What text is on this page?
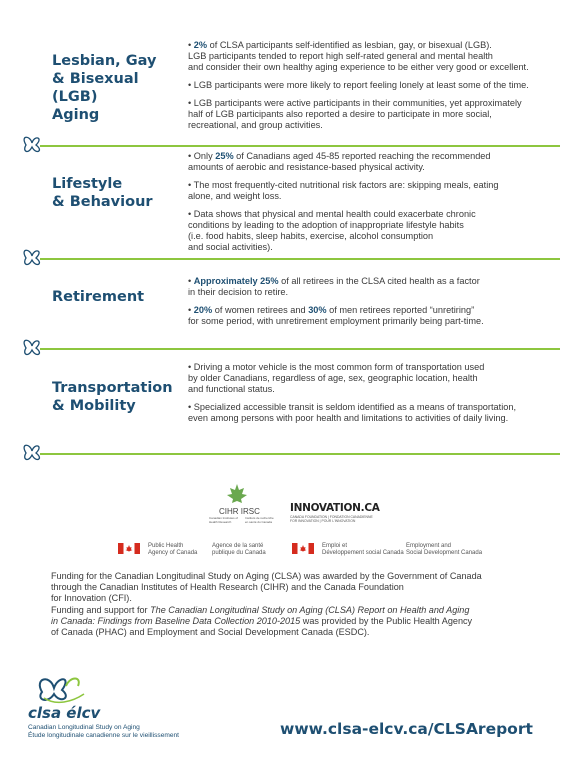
Lesbian, Gay
& Bisexual (LGB)
Aging

• 2% of CLSA participants self-identified as lesbian, gay, or bisexual (LGB).
LGB participants tended to report high self-rated general and mental health
and consider their own healthy aging experience to be either very good or excellent.

• LGB participants were more likely to report feeling lonely at least some of the time.

• LGB participants were active participants in their communities, yet approximately
half of LGB participants also reported a desire to participate in more social,
recreational, and group activities.

Lifestyle
& Behaviour

• Only 25% of Canadians aged 45-85 reported reaching the recommended
amounts of aerobic and resistance-based physical activity.

• The most frequently-cited nutritional risk factors are: skipping meals, eating
alone, and weight loss.

• Data shows that physical and mental health could exacerbate chronic
conditions by leading to the adoption of inappropriate lifestyle habits
(i.e. food habits, sleep habits, exercise, alcohol consumption
and social activities).

Retirement

• Approximately 25% of all retirees in the CLSA cited health as a factor
in their decision to retire.

• 20% of women retirees and 30% of men retirees reported “unretiring”
for some period, with unretirement employment primarily being part-time.

Transportation
& Mobility

• Driving a motor vehicle is the most common form of transportation used
by older Canadians, regardless of age, sex, geographic location, health
and functional status.

• Specialized accessible transit is seldom identified as a means of transportation,
even among persons with poor health and limitations to activities of daily living.

CIHR IRSC
Canadian Institutes of
Health Research
Instituts de recherche
en santé du Canada
INNOVATION.CA
CANADA FOUNDATION | FONDATION CANADIENNE
FOR INNOVATION | POUR L'INNOVATION
Public Health
Agency of Canada
Agence de la santé
publique du Canada
Emploi et
Développement social Canada
Employment and
Social Development Canada

Funding for the Canadian Longitudinal Study on Aging (CLSA) was awarded by the Government of Canada
through the Canadian Institutes of Health Research (CIHR) and the Canada Foundation
for Innovation (CFI).

Funding and support for The Canadian Longitudinal Study on Aging (CLSA) Report on Health and Aging
in Canada: Findings from Baseline Data Collection 2010-2015 was provided by the Public Health Agency
of Canada (PHAC) and Employment and Social Development Canada (ESDC).

clsa élcv
Canadian Longitudinal Study on Aging
Étude longitudinale canadienne sur le vieillissement	www.clsa-elcv.ca/CLSAreport
